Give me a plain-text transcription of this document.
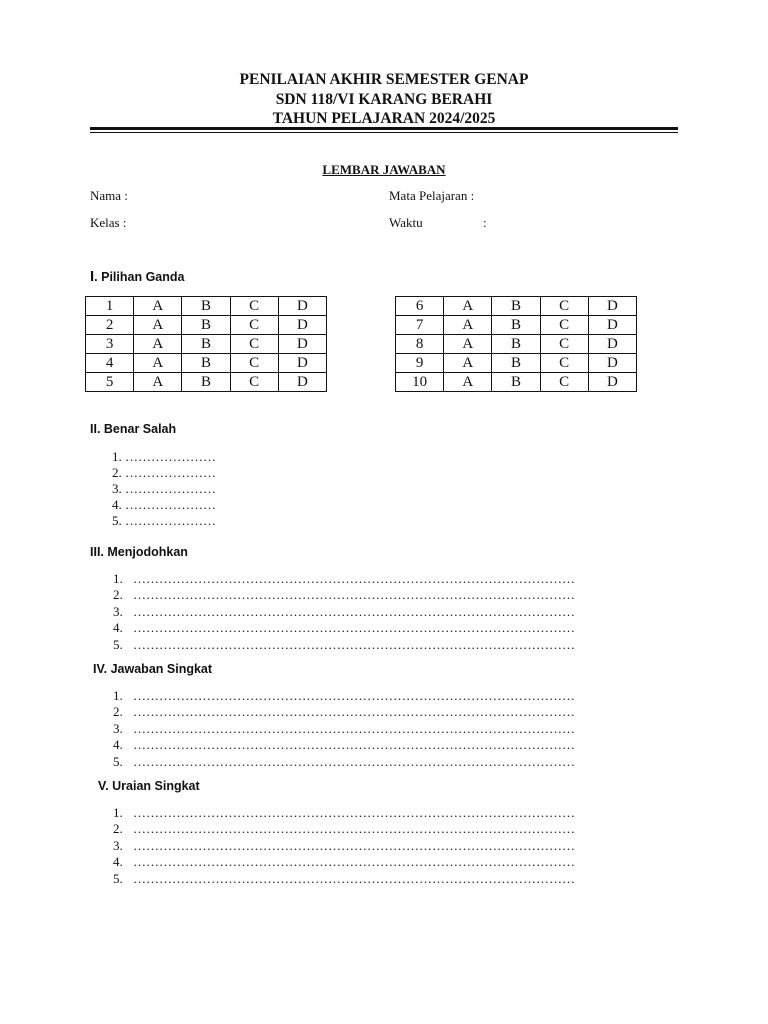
PENILAIAN AKHIR SEMESTER GENAP
SDN 118/VI KARANG BERAHI
TAHUN PELAJARAN 2024/2025
LEMBAR JAWABAN
Nama :
Kelas :
Mata Pelajaran :
Waktu	:
I. Pilihan Ganda
1	A	B	C	D
2	A	B	C	D
3	A	B	C	D
4	A	B	C	D
5	A	B	C	D
6	A	B	C	D
7	A	B	C	D
8	A	B	C	D
9	A	B	C	D
10	A	B	C	D
II. Benar Salah
1. …………………
2. …………………
3. …………………
4. …………………
5. …………………
III. Menjodohkan
1. …………………………………………………………………………………………
2. …………………………………………………………………………………………
3. …………………………………………………………………………………………
4. …………………………………………………………………………………………
5. …………………………………………………………………………………………
IV. Jawaban Singkat
1. …………………………………………………………………………………………
2. …………………………………………………………………………………………
3. …………………………………………………………………………………………
4. …………………………………………………………………………………………
5. …………………………………………………………………………………………
V. Uraian Singkat
1. …………………………………………………………………………………………
2. …………………………………………………………………………………………
3. …………………………………………………………………………………………
4. …………………………………………………………………………………………
5. …………………………………………………………………………………………
